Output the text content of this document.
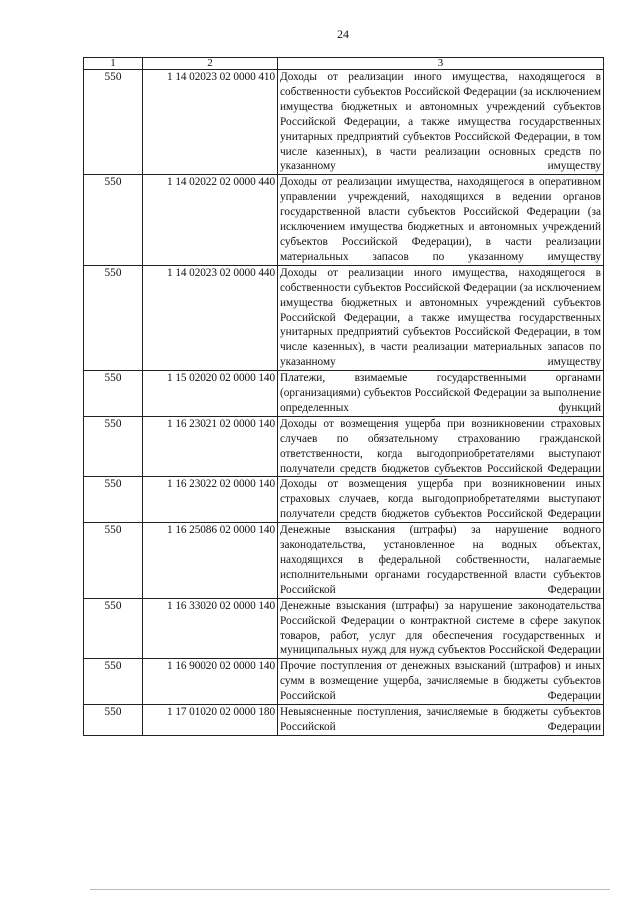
24
1	2	3
550	1 14 02023 02 0000 410	Доходы от реализации иного имущества, находящегося в собственности субъектов Российской Федерации (за исключением имущества бюджетных и автономных учреждений субъектов Российской Федерации, а также имущества государственных унитарных предприятий субъектов Российской Федерации, в том числе казенных), в части реализации основных средств по указанному имуществу
550	1 14 02022 02 0000 440	Доходы от реализации имущества, находящегося в оперативном управлении учреждений, находящихся в ведении органов государственной власти субъектов Российской Федерации (за исключением имущества бюджетных и автономных учреждений субъектов Российской Федерации), в части реализации материальных запасов по указанному имуществу
550	1 14 02023 02 0000 440	Доходы от реализации иного имущества, находящегося в собственности субъектов Российской Федерации (за исключением имущества бюджетных и автономных учреждений субъектов Российской Федерации, а также имущества государственных унитарных предприятий субъектов Российской Федерации, в том числе казенных), в части реализации материальных запасов по указанному имуществу
550	1 15 02020 02 0000 140	Платежи, взимаемые государственными органами (организациями) субъектов Российской Федерации за выполнение определенных функций
550	1 16 23021 02 0000 140	Доходы от возмещения ущерба при возникновении страховых случаев по обязательному страхованию гражданской ответственности, когда выгодоприобретателями выступают получатели средств бюджетов субъектов Российской Федерации
550	1 16 23022 02 0000 140	Доходы от возмещения ущерба при возникновении иных страховых случаев, когда выгодоприобретателями выступают получатели средств бюджетов субъектов Российской Федерации
550	1 16 25086 02 0000 140	Денежные взыскания (штрафы) за нарушение водного законодательства, установленное на водных объектах, находящихся в федеральной собственности, налагаемые исполнительными органами государственной власти субъектов Российской Федерации
550	1 16 33020 02 0000 140	Денежные взыскания (штрафы) за нарушение законодательства Российской Федерации о контрактной системе в сфере закупок товаров, работ, услуг для обеспечения государственных и муниципальных нужд для нужд субъектов Российской Федерации
550	1 16 90020 02 0000 140	Прочие поступления от денежных взысканий (штрафов) и иных сумм в возмещение ущерба, зачисляемые в бюджеты субъектов Российской Федерации
550	1 17 01020 02 0000 180	Невыясненные поступления, зачисляемые в бюджеты субъектов Российской Федерации
